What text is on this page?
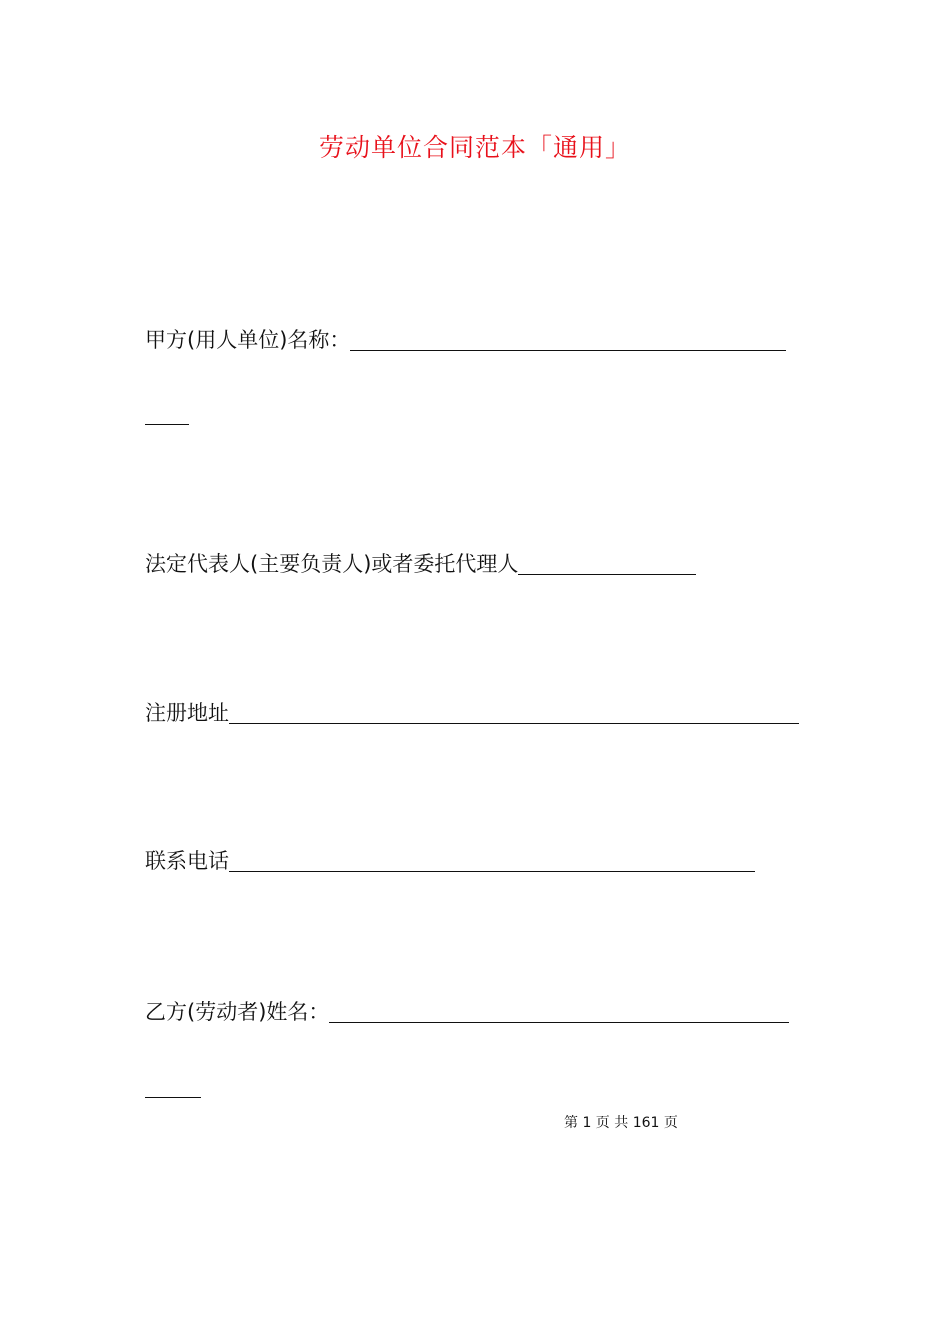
劳动单位合同范本「通用」
甲方(用人单位)名称：
法定代表人(主要负责人)或者委托代理人
注册地址
联系电话
乙方(劳动者)姓名：
第 1 页 共 161 页
